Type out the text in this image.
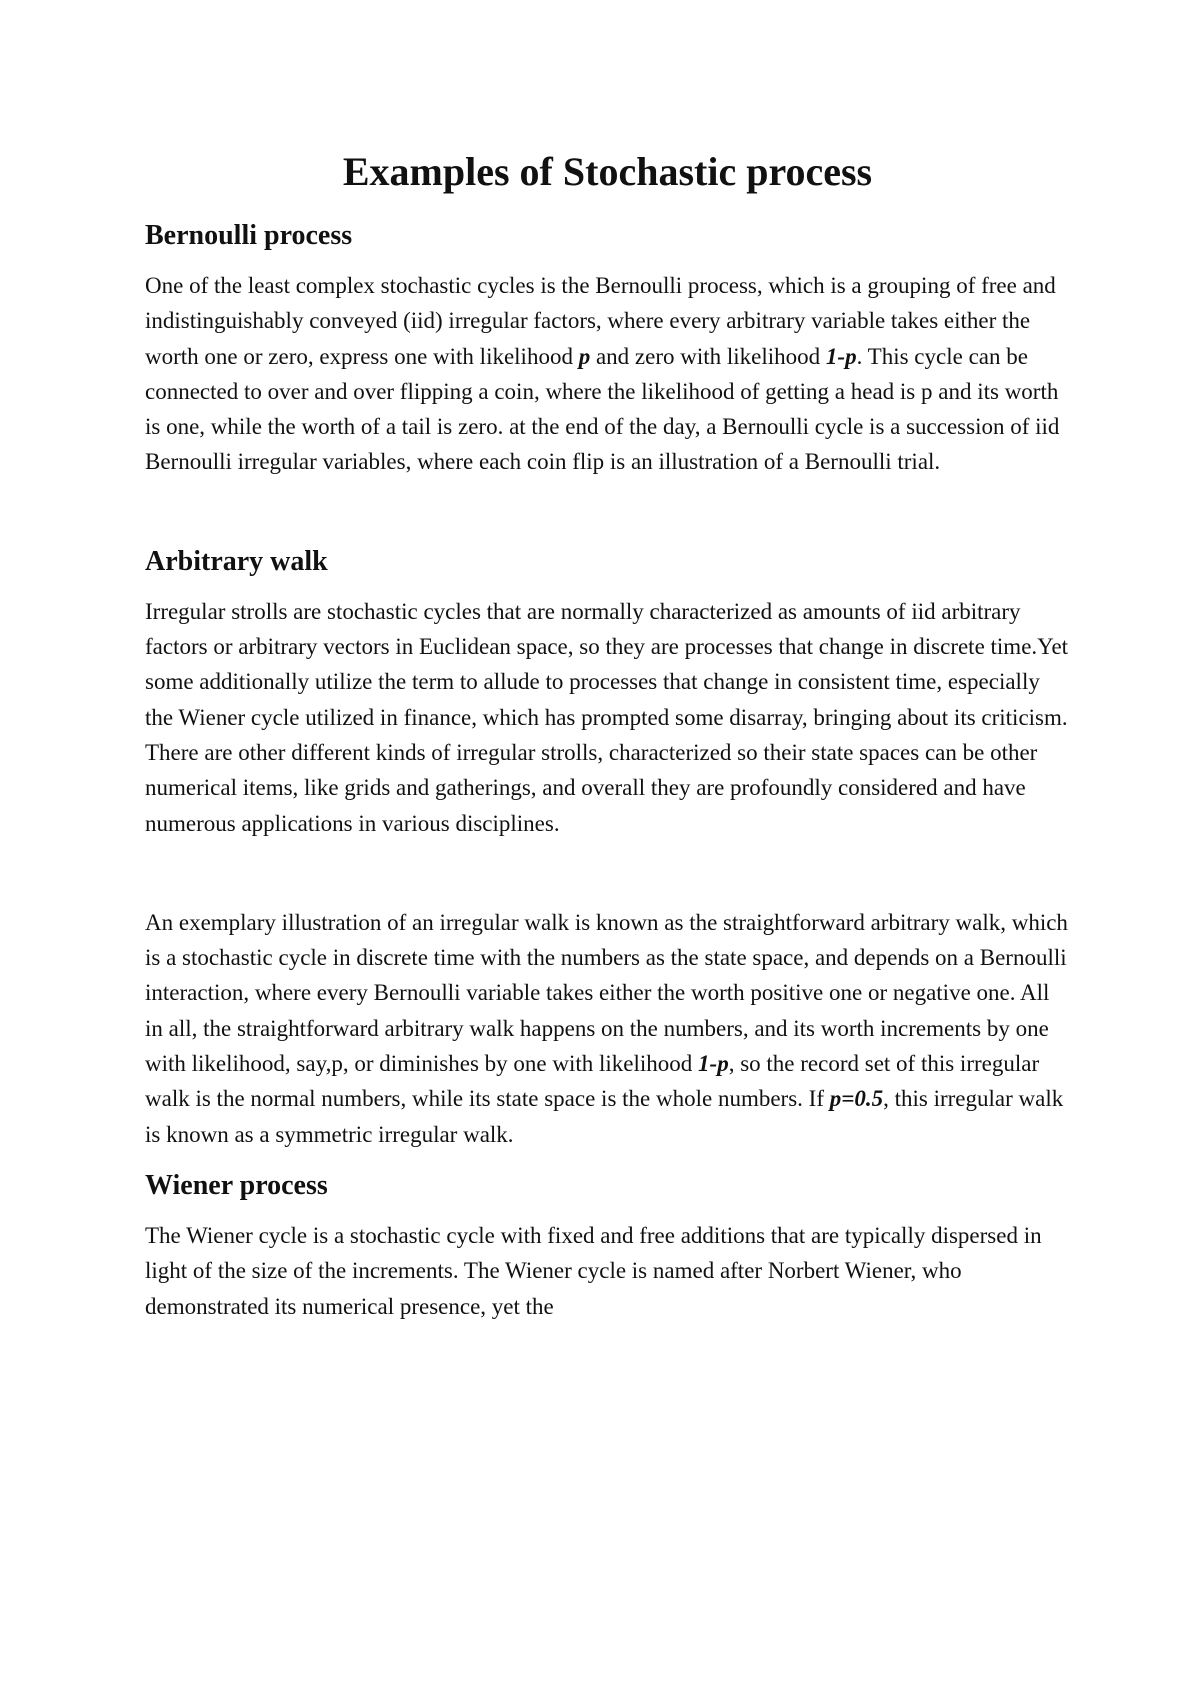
Examples of Stochastic process
Bernoulli process

One of the least complex stochastic cycles is the Bernoulli process, which is a grouping of free and indistinguishably conveyed (iid) irregular factors, where every arbitrary variable takes either the worth one or zero, express one with likelihood p and zero with likelihood 1-p. This cycle can be connected to over and over flipping a coin, where the likelihood of getting a head is p and its worth is one, while the worth of a tail is zero. at the end of the day, a Bernoulli cycle is a succession of iid Bernoulli irregular variables, where each coin flip is an illustration of a Bernoulli trial.

Arbitrary walk

Irregular strolls are stochastic cycles that are normally characterized as amounts of iid arbitrary factors or arbitrary vectors in Euclidean space, so they are processes that change in discrete time.Yet some additionally utilize the term to allude to processes that change in consistent time, especially the Wiener cycle utilized in finance, which has prompted some disarray, bringing about its criticism. There are other different kinds of irregular strolls, characterized so their state spaces can be other numerical items, like grids and gatherings, and overall they are profoundly considered and have numerous applications in various disciplines.

An exemplary illustration of an irregular walk is known as the straightforward arbitrary walk, which is a stochastic cycle in discrete time with the numbers as the state space, and depends on a Bernoulli interaction, where every Bernoulli variable takes either the worth positive one or negative one. All in all, the straightforward arbitrary walk happens on the numbers, and its worth increments by one with likelihood, say,p, or diminishes by one with likelihood 1-p, so the record set of this irregular walk is the normal numbers, while its state space is the whole numbers. If p=0.5, this irregular walk is known as a symmetric irregular walk.

Wiener process

The Wiener cycle is a stochastic cycle with fixed and free additions that are typically dispersed in light of the size of the increments. The Wiener cycle is named after Norbert Wiener, who demonstrated its numerical presence, yet the
